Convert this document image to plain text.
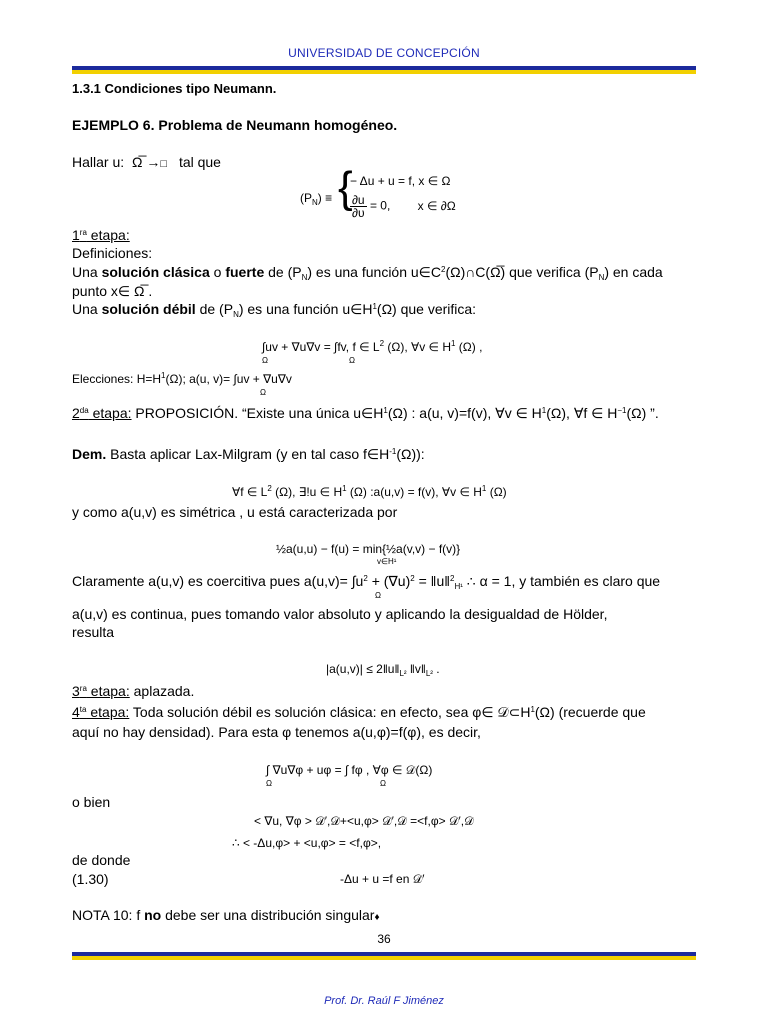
UNIVERSIDAD DE CONCEPCIÓN
1.3.1 Condiciones tipo Neumann.
EJEMPLO 6. Problema de Neumann homogéneo.
Hallar u: Ω̅ →□ tal que
$(P_N)$ ≡ {
− Δu + u = f, x ∈ Ω
$\frac{\partial u}{\partial\upsilon} = 0$, x ∈ ∂Ω
$1^{ra}$ etapa:
Definiciones:
Una solución clásica o fuerte de $(P_N)$ es una función $u\in C^2(\Omega)\cap C(\Omega̅)$ que verifica $(P_N)$ en cada
punto x∈ Ω̅ .
Una solución débil de $(P_N)$ es una función $u\in H^1(\Omega)$ que verifica:
∫uv + ∇u∇v = ∫fv, f ∈ $L^2$ (Ω), ∀v ∈ $H^1$ (Ω) ,
Ω	Ω
Elecciones: $H=H^1(\Omega)$; a(u, v)= ∫uv + ∇u∇v
Ω
$2^{da}$ etapa: PROPOSICIÓN. “Existe una única $u\in H^1(\Omega)$ : a(u, v)=f(v), ∀v ∈ $H^1(\Omega)$, ∀f ∈ $H^{-1}(\Omega)$ ”.
Dem. Basta aplicar Lax-Milgram (y en tal caso $f\in H^{-1}(\Omega)$):
∀f ∈ $L^2$ (Ω), ∃!u ∈ $H^1$ (Ω) :a(u,v) = f(v), ∀v ∈ $H^1$ (Ω)
y como a(u,v) es simétrica , u está caracterizada por
½a(u,u) − f(u) = min{½a(v,v) − f(v)}
v∈H¹
Claramente a(u,v) es coercitiva pues $a(u,v)= \int u^2 + (\nabla u)^2$ = ‖u‖$^2_{H^1}$ ∴ α = 1, y también es claro que
Ω
a(u,v) es continua, pues tomando valor absoluto y aplicando la desigualdad de Hölder,
resulta
$|a(u,v)| \le 2‖u‖_{L^2}$ $‖v‖_{L^2}$ .
$3^{ra}$ etapa: aplazada.
$4^{ta}$ etapa: Toda solución débil es solución clásica: en efecto, sea φ∈ $𝒟\subset H^1(\Omega)$ (recuerde que
aquí no hay densidad). Para esta φ tenemos a(u,φ)=f(φ), es decir,
∫ ∇u∇φ + uφ = ∫ fφ , ∀φ ∈ 𝒟(Ω)
Ω	Ω
o bien
< ∇u, ∇φ > 𝒟′,𝒟+<u,φ> 𝒟′,𝒟 =<f,φ> 𝒟′,𝒟
∴ < -Δu,φ> + <u,φ> = <f,φ>,
de donde
(1.30)	-Δu + u =f en 𝒟′
NOTA 10: f no debe ser una distribución singular♦
36
Prof. Dr. Raúl F Jiménez
